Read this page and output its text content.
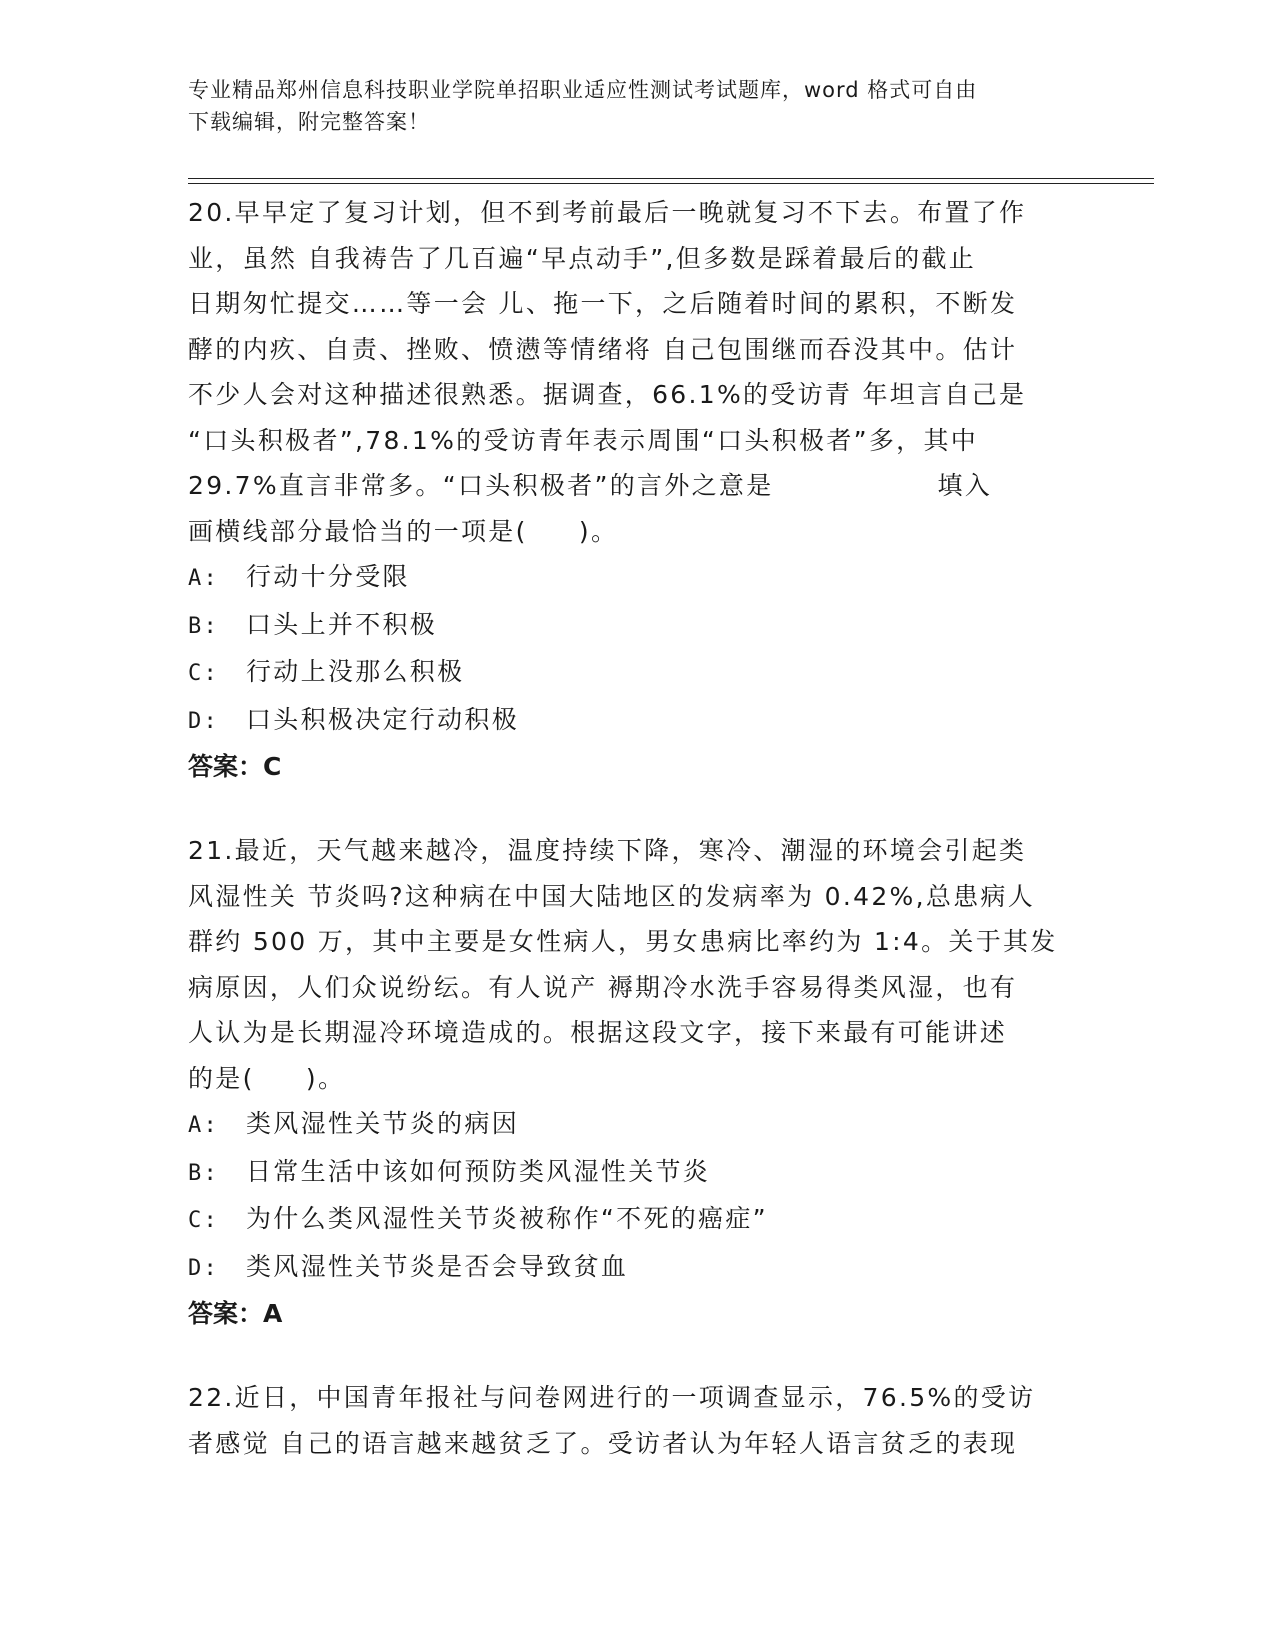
专业精品郑州信息科技职业学院单招职业适应性测试考试题库，word 格式可自由
下载编辑，附完整答案！

20.早早定了复习计划，但不到考前最后一晚就复习不下去。布置了作
业，虽然 自我祷告了几百遍“早点动手”,但多数是踩着最后的截止
日期匆忙提交……等一会 儿、拖一下，之后随着时间的累积，不断发
酵的内疚、自责、挫败、愤懑等情绪将 自己包围继而吞没其中。估计
不少人会对这种描述很熟悉。据调查，66.1%的受访青 年坦言自己是
“口头积极者”,78.1%的受访青年表示周围“口头积极者”多，其中
29.7%直言非常多。“口头积极者”的言外之意是                填入
画横线部分最恰当的一项是(     )。

A: 行动十分受限

B: 口头上并不积极

C: 行动上没那么积极

D: 口头积极决定行动积极

答案：C

21.最近，天气越来越冷，温度持续下降，寒冷、潮湿的环境会引起类
风湿性关 节炎吗?这种病在中国大陆地区的发病率为 0.42%,总患病人
群约 500 万，其中主要是女性病人，男女患病比率约为 1:4。关于其发
病原因，人们众说纷纭。有人说产 褥期冷水洗手容易得类风湿，也有
人认为是长期湿冷环境造成的。根据这段文字，接下来最有可能讲述
的是(     )。

A: 类风湿性关节炎的病因

B: 日常生活中该如何预防类风湿性关节炎

C: 为什么类风湿性关节炎被称作“不死的癌症”

D: 类风湿性关节炎是否会导致贫血

答案：A

22.近日，中国青年报社与问卷网进行的一项调查显示，76.5%的受访
者感觉 自己的语言越来越贫乏了。受访者认为年轻人语言贫乏的表现
